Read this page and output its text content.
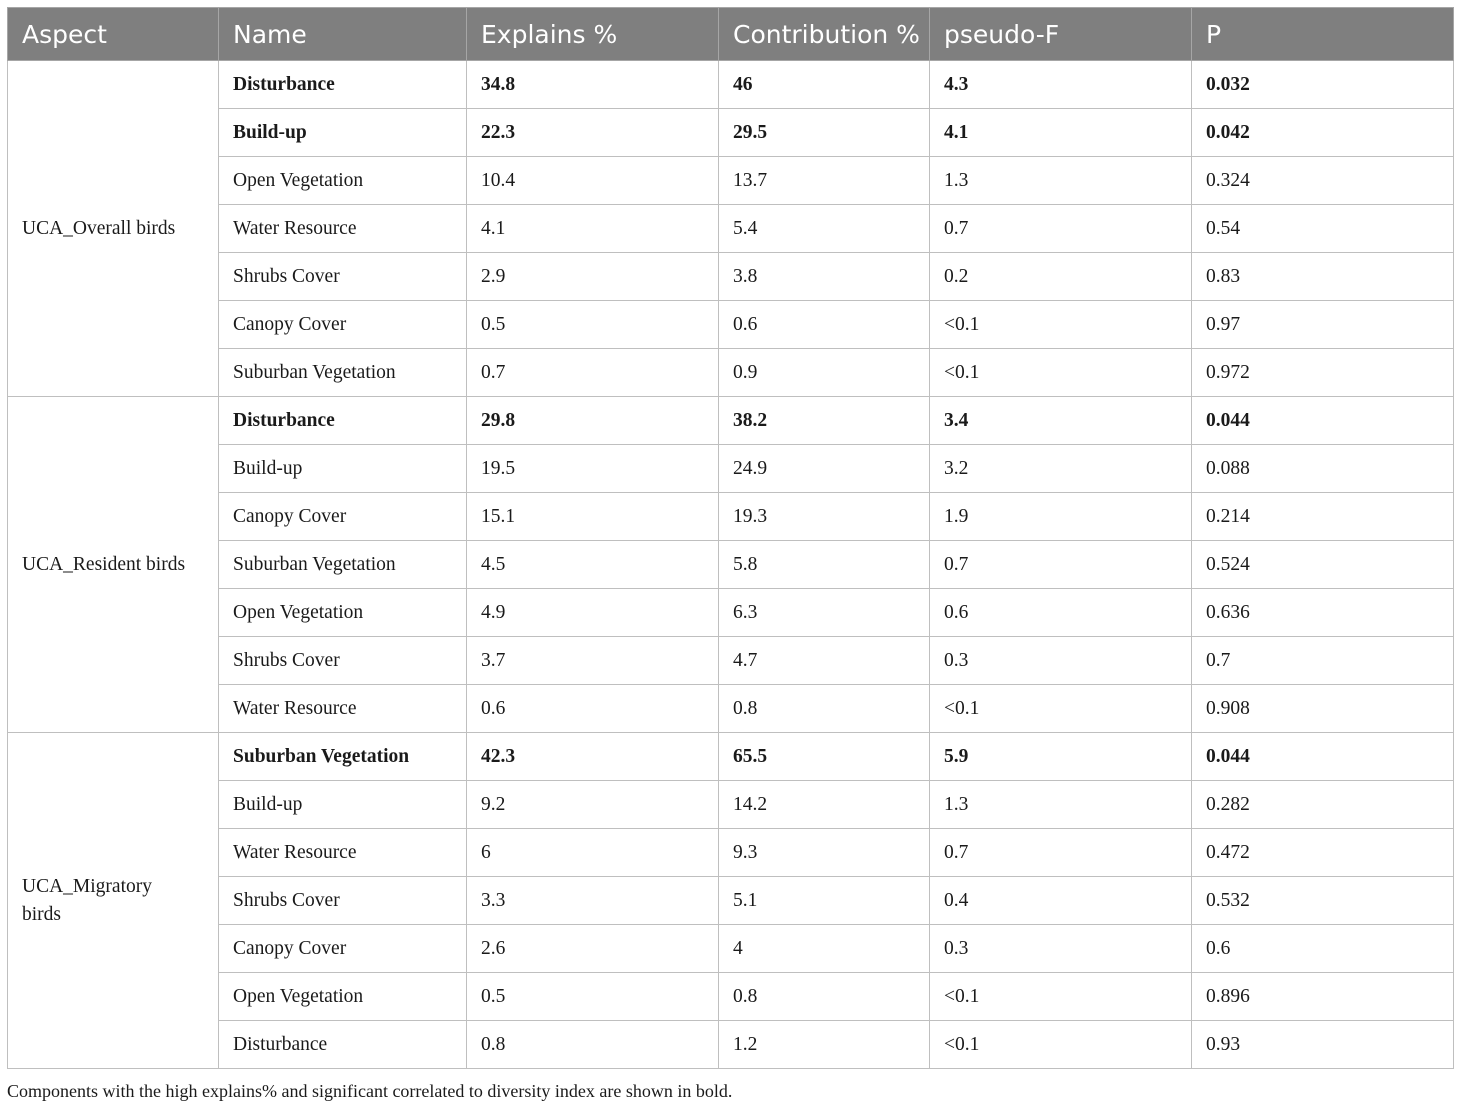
Aspect	Name	Explains %	Contribution %	pseudo-F	P
UCA_Overall birds	Disturbance	34.8	46	4.3	0.032
	Build-up	22.3	29.5	4.1	0.042
	Open Vegetation	10.4	13.7	1.3	0.324
	Water Resource	4.1	5.4	0.7	0.54
	Shrubs Cover	2.9	3.8	0.2	0.83
	Canopy Cover	0.5	0.6	<0.1	0.97
	Suburban Vegetation	0.7	0.9	<0.1	0.972
UCA_Resident birds	Disturbance	29.8	38.2	3.4	0.044
	Build-up	19.5	24.9	3.2	0.088
	Canopy Cover	15.1	19.3	1.9	0.214
	Suburban Vegetation	4.5	5.8	0.7	0.524
	Open Vegetation	4.9	6.3	0.6	0.636
	Shrubs Cover	3.7	4.7	0.3	0.7
	Water Resource	0.6	0.8	<0.1	0.908
UCA_Migratory birds	Suburban Vegetation	42.3	65.5	5.9	0.044
	Build-up	9.2	14.2	1.3	0.282
	Water Resource	6	9.3	0.7	0.472
	Shrubs Cover	3.3	5.1	0.4	0.532
	Canopy Cover	2.6	4	0.3	0.6
	Open Vegetation	0.5	0.8	<0.1	0.896
	Disturbance	0.8	1.2	<0.1	0.93
Components with the high explains% and significant correlated to diversity index are shown in bold.
